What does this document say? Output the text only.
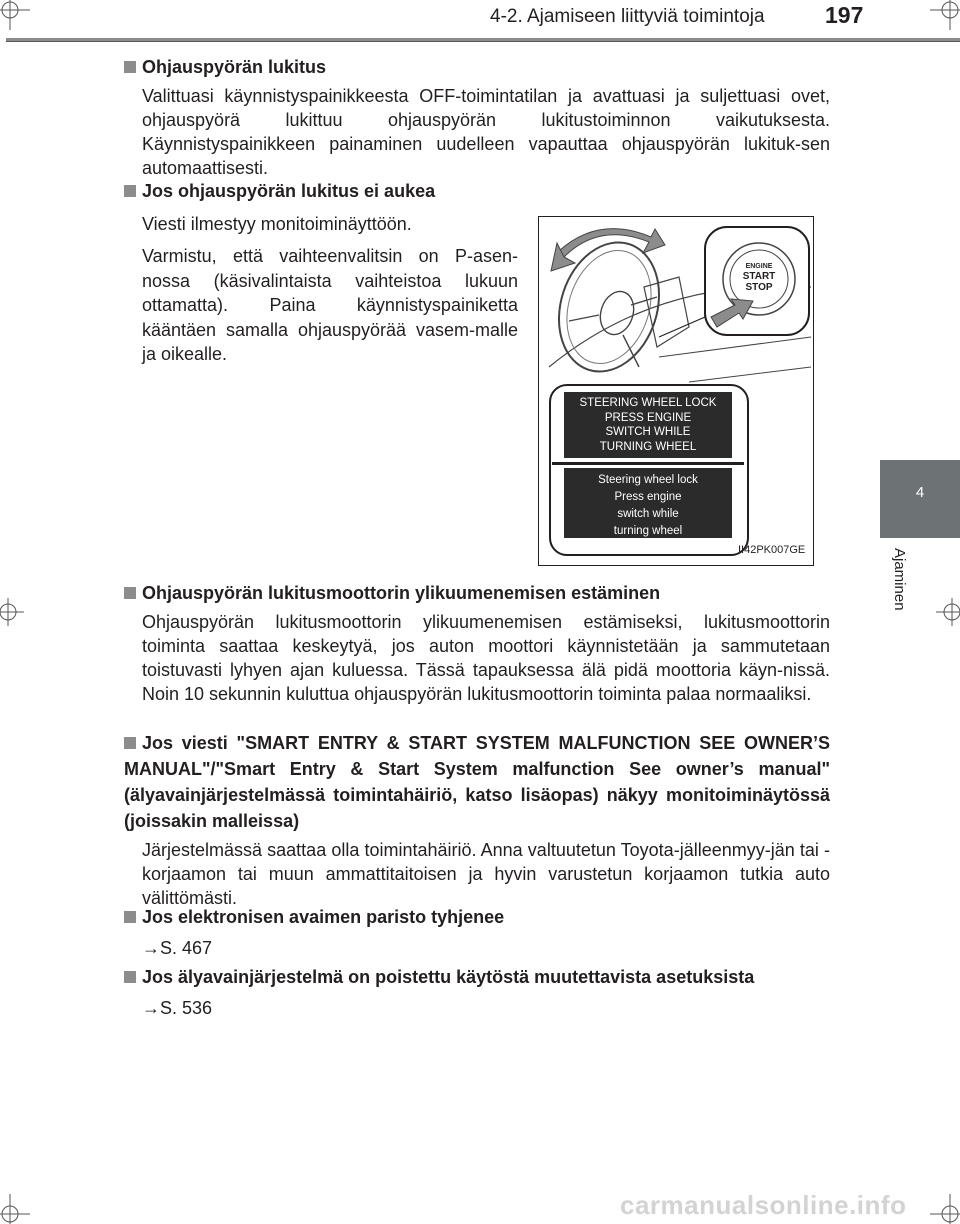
4-2. Ajamiseen liittyviä toimintoja	197
4
Ajaminen
Ohjauspyörän lukitus
Valittuasi käynnistyspainikkeesta OFF-toimintatilan ja avattuasi ja suljettuasi ovet, ohjauspyörä lukittuu ohjauspyörän lukitustoiminnon vaikutuksesta. Käynnistyspainikkeen painaminen uudelleen vapauttaa ohjauspyörän lukituk-sen automaattisesti.
Jos ohjauspyörän lukitus ei aukea
Viesti ilmestyy monitoiminäyttöön.
Varmistu, että vaihteenvalitsin on P-asen-nossa (käsivalintaista vaihteistoa lukuun ottamatta). Paina käynnistyspainiketta kääntäen samalla ohjauspyörää vasem-malle ja oikealle.
ENGINE
START
STOP
STEERING WHEEL LOCK
PRESS ENGINE
SWITCH WHILE
TURNING WHEEL
Steering wheel lock
Press engine
switch while
turning wheel
II42PK007GE
Ohjauspyörän lukitusmoottorin ylikuumenemisen estäminen
Ohjauspyörän lukitusmoottorin ylikuumenemisen estämiseksi, lukitusmoottorin toiminta saattaa keskeytyä, jos auton moottori käynnistetään ja sammutetaan toistuvasti lyhyen ajan kuluessa. Tässä tapauksessa älä pidä moottoria käyn-nissä. Noin 10 sekunnin kuluttua ohjauspyörän lukitusmoottorin toiminta palaa normaaliksi.
Jos viesti "SMART ENTRY & START SYSTEM MALFUNCTION SEE OWNER’S MANUAL"/"Smart Entry & Start System malfunction See owner’s manual" (älyavainjärjestelmässä toimintahäiriö, katso lisäopas) näkyy monitoiminäytössä (joissakin malleissa)
Järjestelmässä saattaa olla toimintahäiriö. Anna valtuutetun Toyota-jälleenmyy-jän tai -korjaamon tai muun ammattitaitoisen ja hyvin varustetun korjaamon tutkia auto välittömästi.
Jos elektronisen avaimen paristo tyhjenee
→S. 467
Jos älyavainjärjestelmä on poistettu käytöstä muutettavista asetuksista
→S. 536
carmanualsonline.info
